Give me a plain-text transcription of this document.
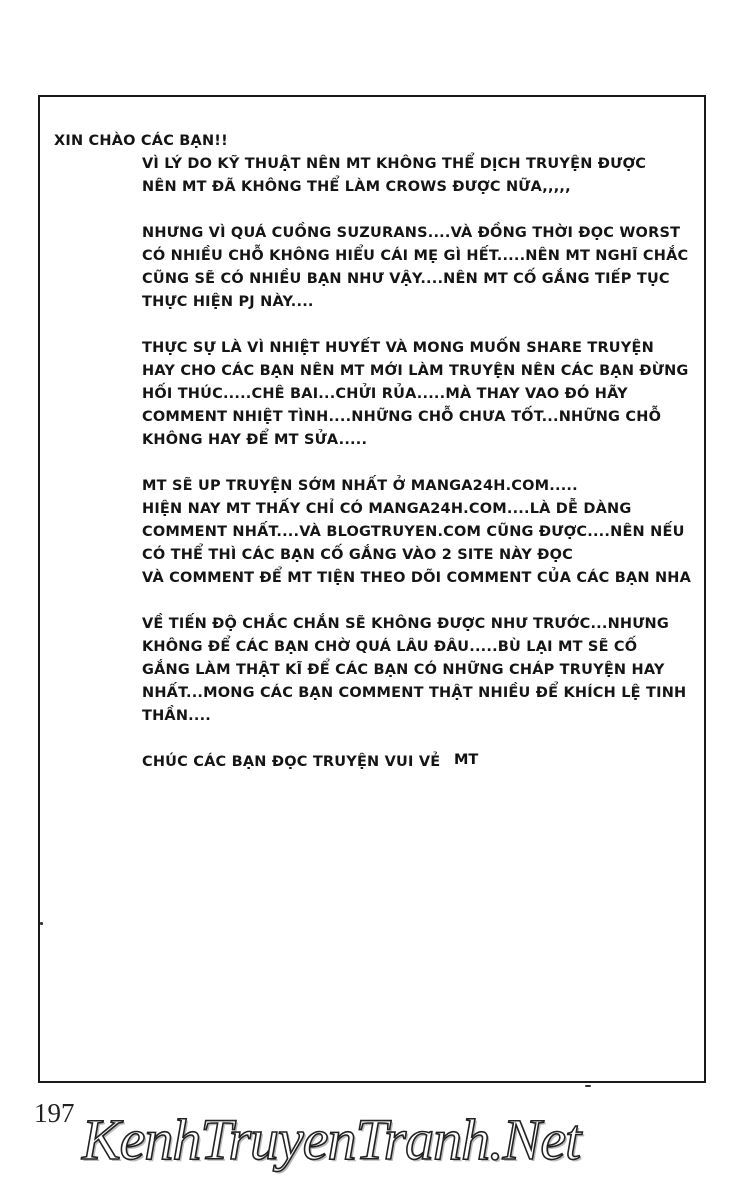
XIN CHÀO CÁC BẠN!!

VÌ LÝ DO KỸ THUẬT NÊN MT KHÔNG THỂ DỊCH TRUYỆN ĐƯỢC
NÊN MT ĐÃ KHÔNG THỂ LÀM CROWS ĐƯỢC NỮA,,,,,
NHƯNG VÌ QUÁ CUỒNG SUZURANS....VÀ ĐỒNG THỜI ĐỌC WORST
CÓ NHIỀU CHỖ KHÔNG HIỂU CÁI MẸ GÌ HẾT.....NÊN MT NGHĨ CHẮC
CŨNG SẼ CÓ NHIỀU BẠN NHƯ VẬY....NÊN MT CỐ GẮNG TIẾP TỤC
THỰC HIỆN PJ NÀY....
THỰC SỰ LÀ VÌ NHIỆT HUYẾT VÀ MONG MUỐN SHARE TRUYỆN
HAY CHO CÁC BẠN NÊN MT MỚI LÀM TRUYỆN NÊN CÁC BẠN ĐỪNG
HỐI THÚC.....CHÊ BAI...CHỬI RỦA.....MÀ THAY VAO ĐÓ HÃY
COMMENT NHIỆT TÌNH....NHỮNG CHỖ CHƯA TỐT...NHỮNG CHỖ
KHÔNG HAY ĐỂ MT SỬA.....
MT SẼ UP TRUYỆN SỚM NHẤT Ở MANGA24H.COM.....
HIỆN NAY MT THẤY CHỈ CÓ MANGA24H.COM....LÀ DỄ DÀNG
COMMENT NHẤT....VÀ BLOGTRUYEN.COM CŨNG ĐƯỢC....NÊN NẾU
CÓ THỂ THÌ CÁC BẠN CỐ GẮNG VÀO 2 SITE NÀY ĐỌC
VÀ COMMENT ĐỂ MT TIỆN THEO DÕI COMMENT CỦA CÁC BẠN NHA
VỀ TIẾN ĐỘ CHẮC CHẮN SẼ KHÔNG ĐƯỢC NHƯ TRƯỚC...NHƯNG
KHÔNG ĐỂ CÁC BẠN CHỜ QUÁ LÂU ĐÂU.....BÙ LẠI MT SẼ CỐ
GẮNG LÀM THẬT KĨ ĐỂ CÁC BẠN CÓ NHỮNG CHÁP TRUYỆN HAY
NHẤT...MONG CÁC BẠN COMMENT THẬT NHIỀU ĐỂ KHÍCH LỆ TINH
THẦN....
CHÚC CÁC BẠN ĐỌC TRUYỆN VUI VẺ MT
197 KenhTruyenTranh.Net
